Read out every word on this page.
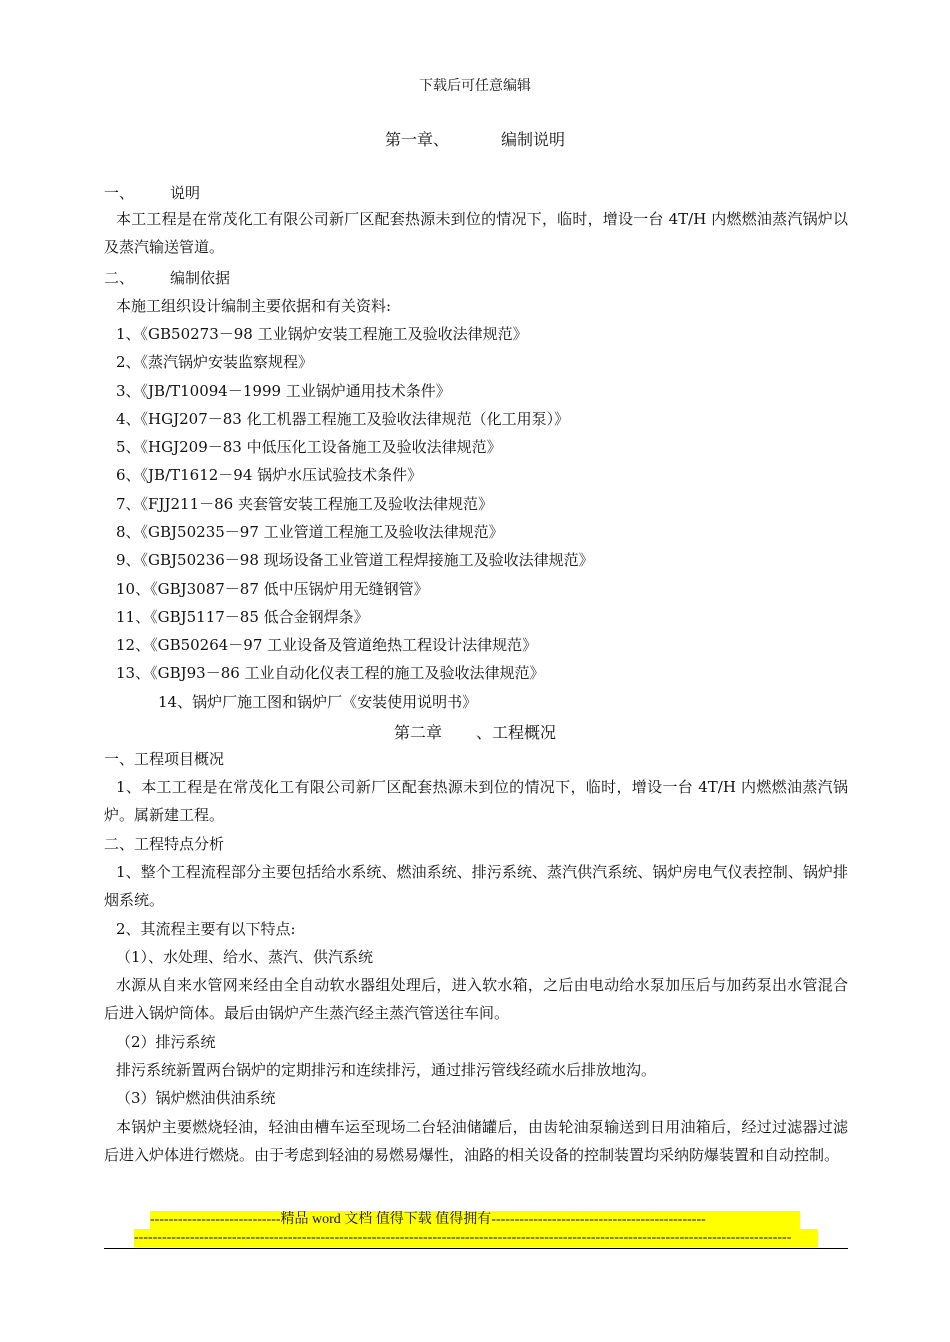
下载后可任意编辑
第一章、	编制说明
一、 说明
本工工程是在常茂化工有限公司新厂区配套热源未到位的情况下，临时，增设一台 4T/H 内燃燃油蒸汽锅炉以及蒸汽输送管道。
二、 编制依据
本施工组织设计编制主要依据和有关资料:
1、《GB50273－98 工业锅炉安装工程施工及验收法律规范》
2、《蒸汽锅炉安装监察规程》
3、《JB/T10094－1999 工业锅炉通用技术条件》
4、《HGJ207－83 化工机器工程施工及验收法律规范（化工用泵）》
5、《HGJ209－83 中低压化工设备施工及验收法律规范》
6、《JB/T1612－94 锅炉水压试验技术条件》
7、《FJJ211－86 夹套管安装工程施工及验收法律规范》
8、《GBJ50235－97 工业管道工程施工及验收法律规范》
9、《GBJ50236－98 现场设备工业管道工程焊接施工及验收法律规范》
10、《GBJ3087－87 低中压锅炉用无缝钢管》
11、《GBJ5117－85 低合金钢焊条》
12、《GB50264－97 工业设备及管道绝热工程设计法律规范》
13、《GBJ93－86 工业自动化仪表工程的施工及验收法律规范》
14、锅炉厂施工图和锅炉厂《安装使用说明书》
第二章 、工程概况
一、工程项目概况
1、本工工程是在常茂化工有限公司新厂区配套热源未到位的情况下，临时，增设一台 4T/H 内燃燃油蒸汽锅炉。属新建工程。
二、工程特点分析
1、整个工程流程部分主要包括给水系统、燃油系统、排污系统、蒸汽供汽系统、锅炉房电气仪表控制、锅炉排烟系统。
2、其流程主要有以下特点:
（1）、水处理、给水、蒸汽、供汽系统
水源从自来水管网来经由全自动软水器组处理后，进入软水箱，之后由电动给水泵加压后与加药泵出水管混合后进入锅炉筒体。最后由锅炉产生蒸汽经主蒸汽管送往车间。
（2）排污系统
排污系统新置两台锅炉的定期排污和连续排污，通过排污管线经疏水后排放地沟。
（3）锅炉燃油供油系统
本锅炉主要燃烧轻油，轻油由槽车运至现场二台轻油储罐后，由齿轮油泵输送到日用油箱后，经过过滤器过滤后进入炉体进行燃烧。由于考虑到轻油的易燃易爆性，油路的相关设备的控制装置均采纳防爆装置和自动控制。
----------------------------精品 word 文档 值得下载 值得拥有----------------------------------------------
---------------------------------------------------------------------------------------------------------------------------------------------
